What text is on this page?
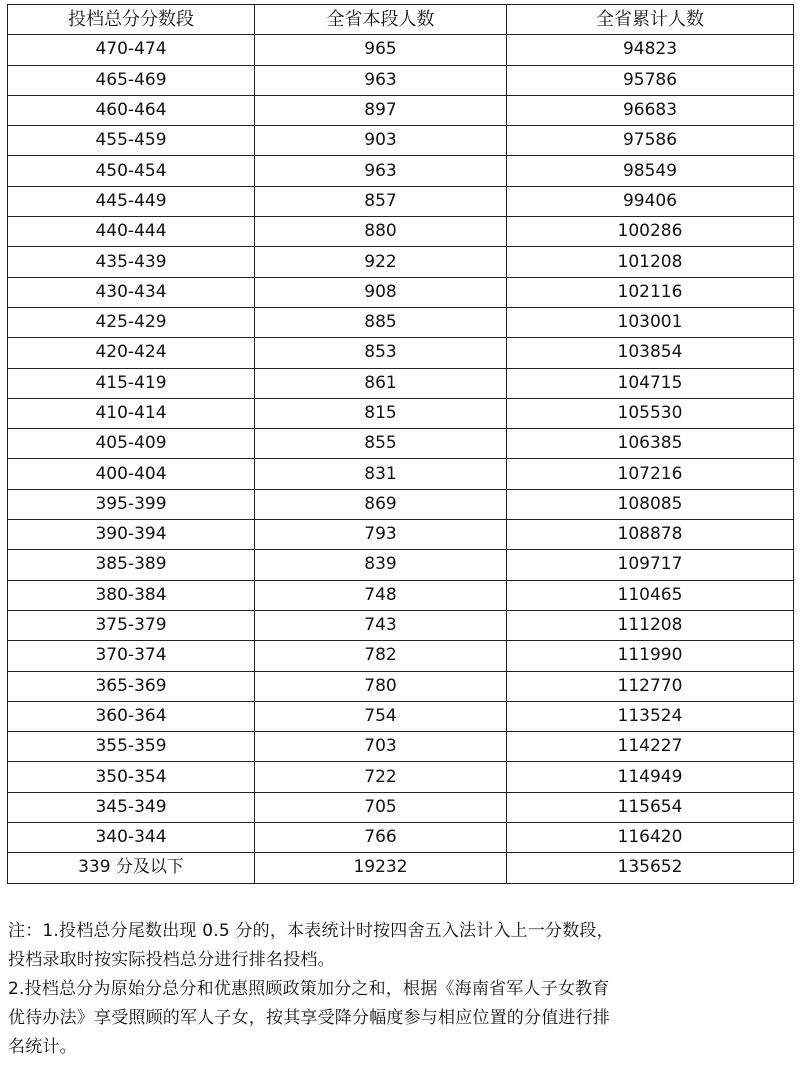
投档总分分数段	全省本段人数	全省累计人数
470-474	965	94823
465-469	963	95786
460-464	897	96683
455-459	903	97586
450-454	963	98549
445-449	857	99406
440-444	880	100286
435-439	922	101208
430-434	908	102116
425-429	885	103001
420-424	853	103854
415-419	861	104715
410-414	815	105530
405-409	855	106385
400-404	831	107216
395-399	869	108085
390-394	793	108878
385-389	839	109717
380-384	748	110465
375-379	743	111208
370-374	782	111990
365-369	780	112770
360-364	754	113524
355-359	703	114227
350-354	722	114949
345-349	705	115654
340-344	766	116420
339 分及以下	19232	135652

注：1.投档总分尾数出现 0.5 分的，本表统计时按四舍五入法计入上一分数段，
投档录取时按实际投档总分进行排名投档。

2.投档总分为原始分总分和优惠照顾政策加分之和，根据《海南省军人子女教育
优待办法》享受照顾的军人子女，按其享受降分幅度参与相应位置的分值进行排
名统计。
